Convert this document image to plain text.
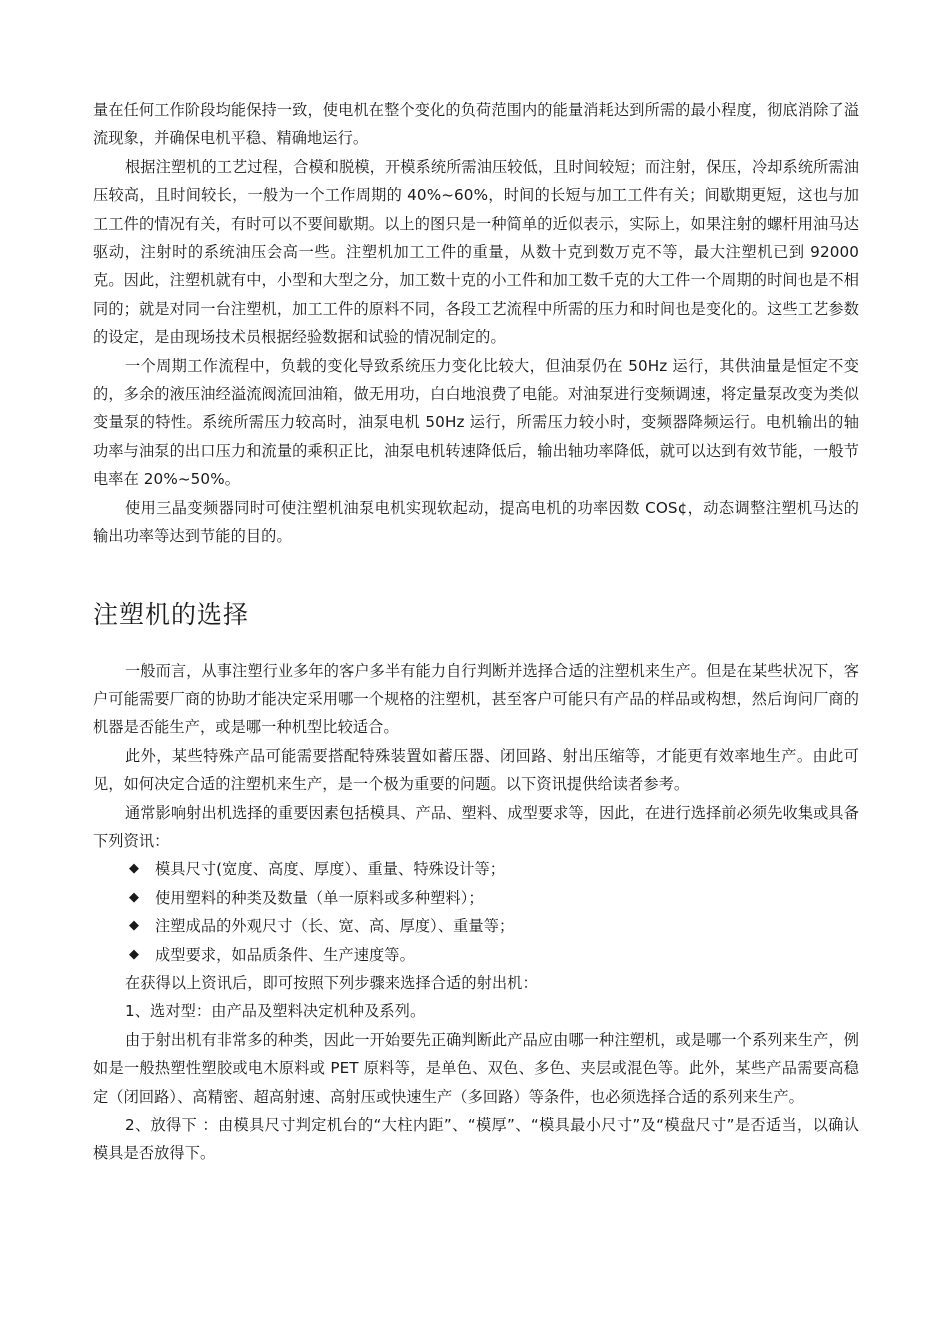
量在任何工作阶段均能保持一致，使电机在整个变化的负荷范围内的能量消耗达到所需的最小程度，彻底消除了溢流现象，并确保电机平稳、精确地运行。

根据注塑机的工艺过程，合模和脱模，开模系统所需油压较低，且时间较短；而注射，保压，冷却系统所需油压较高，且时间较长，一般为一个工作周期的 40%~60%，时间的长短与加工工件有关；间歇期更短，这也与加工工件的情况有关，有时可以不要间歇期。以上的图只是一种简单的近似表示，实际上，如果注射的螺杆用油马达驱动，注射时的系统油压会高一些。注塑机加工工件的重量，从数十克到数万克不等，最大注塑机已到 92000 克。因此，注塑机就有中，小型和大型之分，加工数十克的小工件和加工数千克的大工件一个周期的时间也是不相同的；就是对同一台注塑机，加工工件的原料不同，各段工艺流程中所需的压力和时间也是变化的。这些工艺参数的设定，是由现场技术员根据经验数据和试验的情况制定的。

一个周期工作流程中，负载的变化导致系统压力变化比较大，但油泵仍在 50Hz 运行，其供油量是恒定不变的，多余的液压油经溢流阀流回油箱，做无用功，白白地浪费了电能。对油泵进行变频调速，将定量泵改变为类似变量泵的特性。系统所需压力较高时，油泵电机 50Hz 运行，所需压力较小时，变频器降频运行。电机输出的轴功率与油泵的出口压力和流量的乘积正比，油泵电机转速降低后，输出轴功率降低，就可以达到有效节能，一般节电率在 20%~50%。

使用三晶变频器同时可使注塑机油泵电机实现软起动，提高电机的功率因数 COS¢，动态调整注塑机马达的输出功率等达到节能的目的。

注塑机的选择

一般而言，从事注塑行业多年的客户多半有能力自行判断并选择合适的注塑机来生产。但是在某些状况下，客户可能需要厂商的协助才能决定采用哪一个规格的注塑机，甚至客户可能只有产品的样品或构想，然后询问厂商的机器是否能生产，或是哪一种机型比较适合。

此外，某些特殊产品可能需要搭配特殊装置如蓄压器、闭回路、射出压缩等，才能更有效率地生产。由此可见，如何决定合适的注塑机来生产，是一个极为重要的问题。以下资讯提供给读者参考。

通常影响射出机选择的重要因素包括模具、产品、塑料、成型要求等，因此，在进行选择前必须先收集或具备下列资讯：

◆ 模具尺寸(宽度、高度、厚度）、重量、特殊设计等；
◆ 使用塑料的种类及数量（单一原料或多种塑料）；
◆ 注塑成品的外观尺寸（长、宽、高、厚度）、重量等；
◆ 成型要求，如品质条件、生产速度等。

在获得以上资讯后，即可按照下列步骤来选择合适的射出机：

1、选对型：由产品及塑料决定机种及系列。

由于射出机有非常多的种类，因此一开始要先正确判断此产品应由哪一种注塑机，或是哪一个系列来生产，例如是一般热塑性塑胶或电木原料或 PET 原料等，是单色、双色、多色、夹层或混色等。此外，某些产品需要高稳定（闭回路）、高精密、超高射速、高射压或快速生产（多回路）等条件，也必须选择合适的系列来生产。

2、放得下 ：由模具尺寸判定机台的“大柱内距”、“模厚”、“模具最小尺寸”及“模盘尺寸”是否适当，以确认模具是否放得下。
